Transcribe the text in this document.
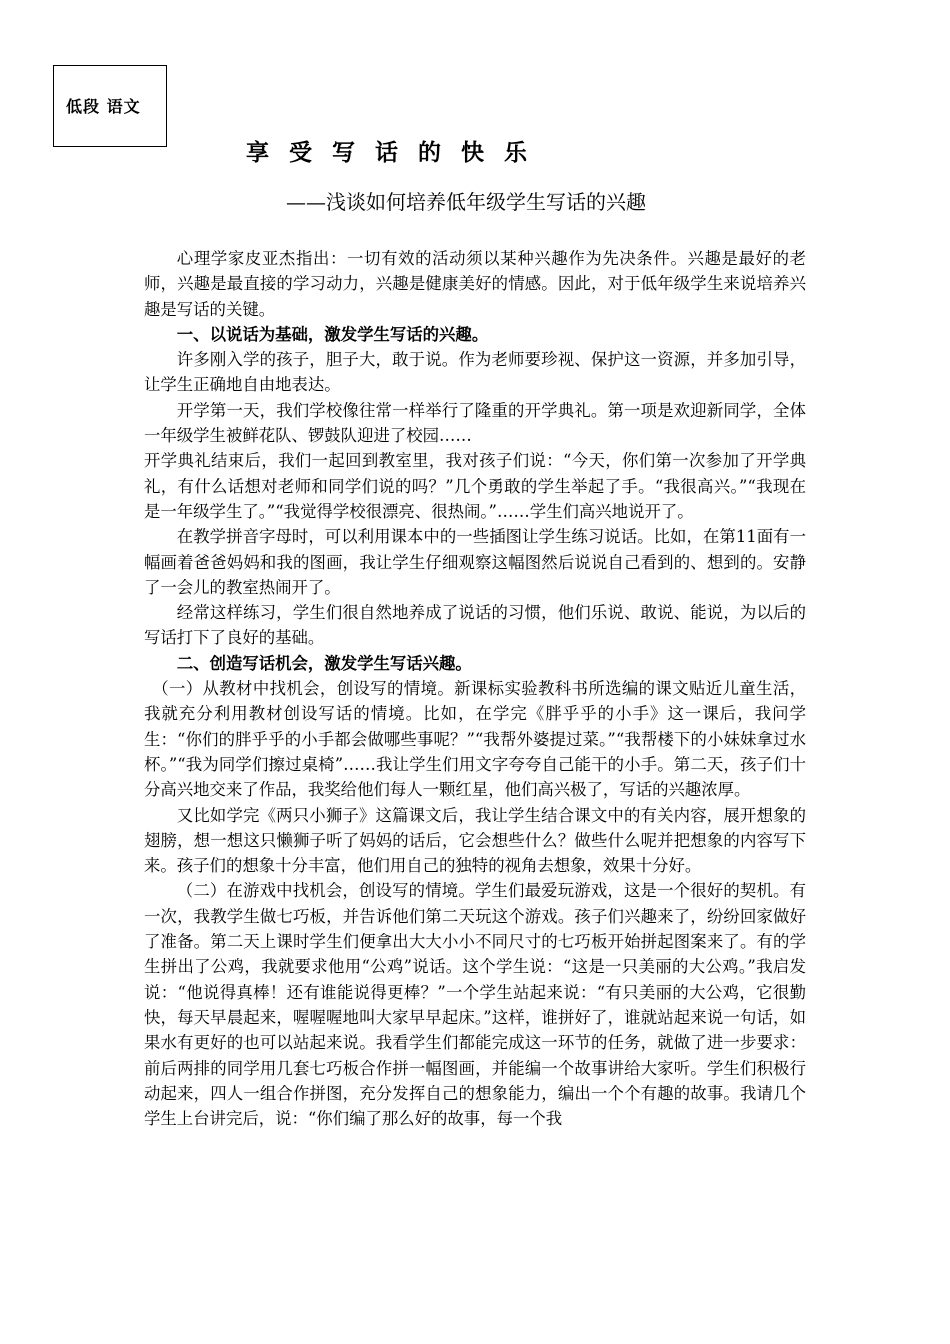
低段 语文
享受写话的快乐
——浅谈如何培养低年级学生写话的兴趣

心理学家皮亚杰指出：一切有效的活动须以某种兴趣作为先决条件。兴趣是最好的老师，兴趣是最直接的学习动力，兴趣是健康美好的情感。因此，对于低年级学生来说培养兴趣是写话的关键。

一、以说话为基础，激发学生写话的兴趣。

许多刚入学的孩子，胆子大，敢于说。作为老师要珍视、保护这一资源，并多加引导，让学生正确地自由地表达。

开学第一天，我们学校像往常一样举行了隆重的开学典礼。第一项是欢迎新同学，全体一年级学生被鲜花队、锣鼓队迎进了校园……

开学典礼结束后，我们一起回到教室里，我对孩子们说：“今天，你们第一次参加了开学典礼，有什么话想对老师和同学们说的吗？”几个勇敢的学生举起了手。“我很高兴。”“我现在是一年级学生了。”“我觉得学校很漂亮、很热闹。”……学生们高兴地说开了。

在教学拼音字母时，可以利用课本中的一些插图让学生练习说话。比如，在第11面有一幅画着爸爸妈妈和我的图画，我让学生仔细观察这幅图然后说说自己看到的、想到的。安静了一会儿的教室热闹开了。

经常这样练习，学生们很自然地养成了说话的习惯，他们乐说、敢说、能说，为以后的写话打下了良好的基础。

二、创造写话机会，激发学生写话兴趣。

（一）从教材中找机会，创设写的情境。新课标实验教科书所选编的课文贴近儿童生活，我就充分利用教材创设写话的情境。比如，在学完《胖乎乎的小手》这一课后，我问学生：“你们的胖乎乎的小手都会做哪些事呢？”“我帮外婆提过菜。”“我帮楼下的小妹妹拿过水杯。”“我为同学们擦过桌椅”……我让学生们用文字夸夸自己能干的小手。第二天，孩子们十分高兴地交来了作品，我奖给他们每人一颗红星，他们高兴极了，写话的兴趣浓厚。

又比如学完《两只小狮子》这篇课文后，我让学生结合课文中的有关内容，展开想象的翅膀，想一想这只懒狮子听了妈妈的话后，它会想些什么？做些什么呢并把想象的内容写下来。孩子们的想象十分丰富，他们用自己的独特的视角去想象，效果十分好。

（二）在游戏中找机会，创设写的情境。学生们最爱玩游戏，这是一个很好的契机。有一次，我教学生做七巧板，并告诉他们第二天玩这个游戏。孩子们兴趣来了，纷纷回家做好了准备。第二天上课时学生们便拿出大大小小不同尺寸的七巧板开始拼起图案来了。有的学生拼出了公鸡，我就要求他用“公鸡”说话。这个学生说：“这是一只美丽的大公鸡。”我启发说：“他说得真棒！还有谁能说得更棒？”一个学生站起来说：“有只美丽的大公鸡，它很勤快，每天早晨起来，喔喔喔地叫大家早早起床。”这样，谁拼好了，谁就站起来说一句话，如果水有更好的也可以站起来说。我看学生们都能完成这一环节的任务，就做了进一步要求：前后两排的同学用几套七巧板合作拼一幅图画，并能编一个故事讲给大家听。学生们积极行动起来，四人一组合作拼图，充分发挥自己的想象能力，编出一个个有趣的故事。我请几个学生上台讲完后，说：“你们编了那么好的故事，每一个我
